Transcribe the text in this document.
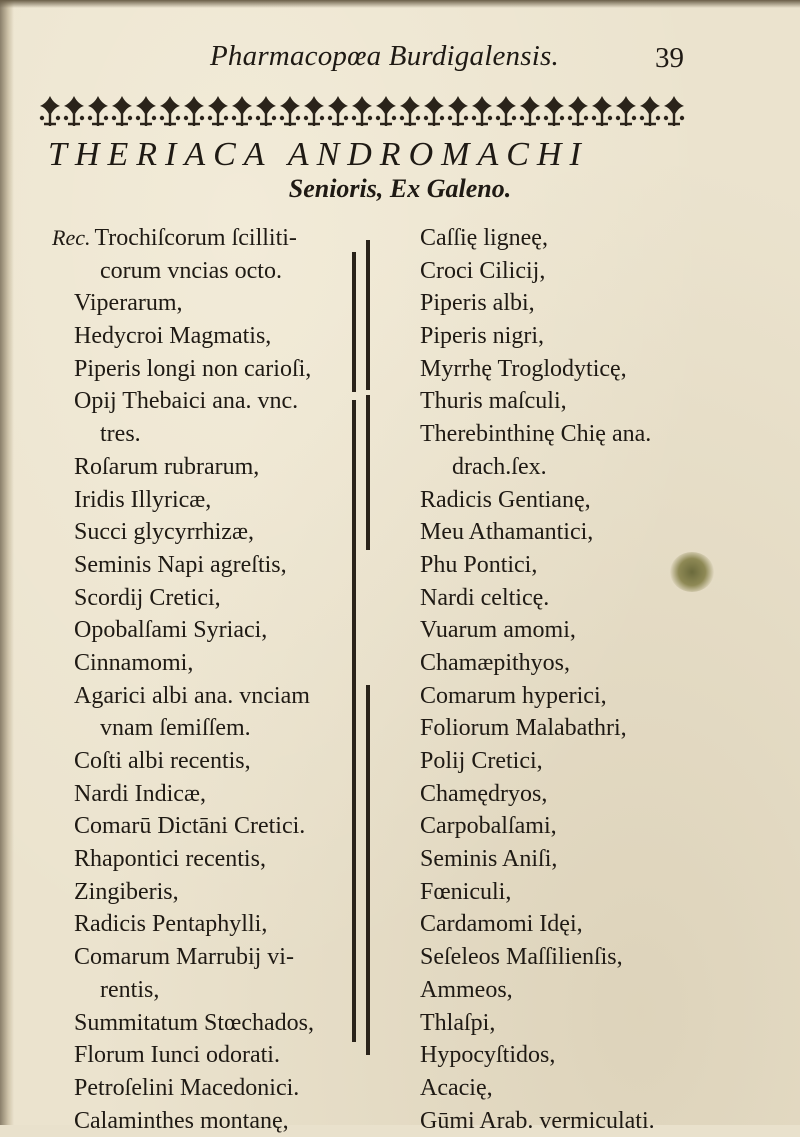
Pharmacopœa Burdigalensis.	39
THERIACA ANDROMACHI
Senioris, Ex Galeno.
Rec. Trochiſcorum ſcilliti-
corum vncias octo.
Viperarum,
Hedycroi Magmatis,
Piperis longi non carioſi,
Opij Thebaici ana. vnc.
tres.
Roſarum rubrarum,
Iridis Illyricæ,
Succi glycyrrhizæ,
Seminis Napi agreſtis,
Scordij Cretici,
Opobalſami Syriaci,
Cinnamomi,
Agarici albi ana. vnciam
vnam ſemiſſem.
Coſti albi recentis,
Nardi Indicæ,
Comarū Dictāni Cretici.
Rhapontici recentis,
Zingiberis,
Radicis Pentaphylli,
Comarum Marrubij vi-
rentis,
Summitatum Stœchados,
Florum Iunci odorati.
Petroſelini Macedonici.
Calaminthes montanę,
Caſſię ligneę,
Croci Cilicij,
Piperis albi,
Piperis nigri,
Myrrhę Troglodyticę,
Thuris maſculi,
Therebinthinę Chię ana.
drach.ſex.
Radicis Gentianę,
Meu Athamantici,
Phu Pontici,
Nardi celticę.
Vuarum amomi,
Chamæpithyos,
Comarum hyperici,
Foliorum Malabathri,
Polij Cretici,
Chamędryos,
Carpobalſami,
Seminis Aniſi,
Fœniculi,
Cardamomi Idęi,
Seſeleos Maſſilienſis,
Ammeos,
Thlaſpi,
Hypocyſtidos,
Acacię,
Gūmi Arab. vermiculati.
